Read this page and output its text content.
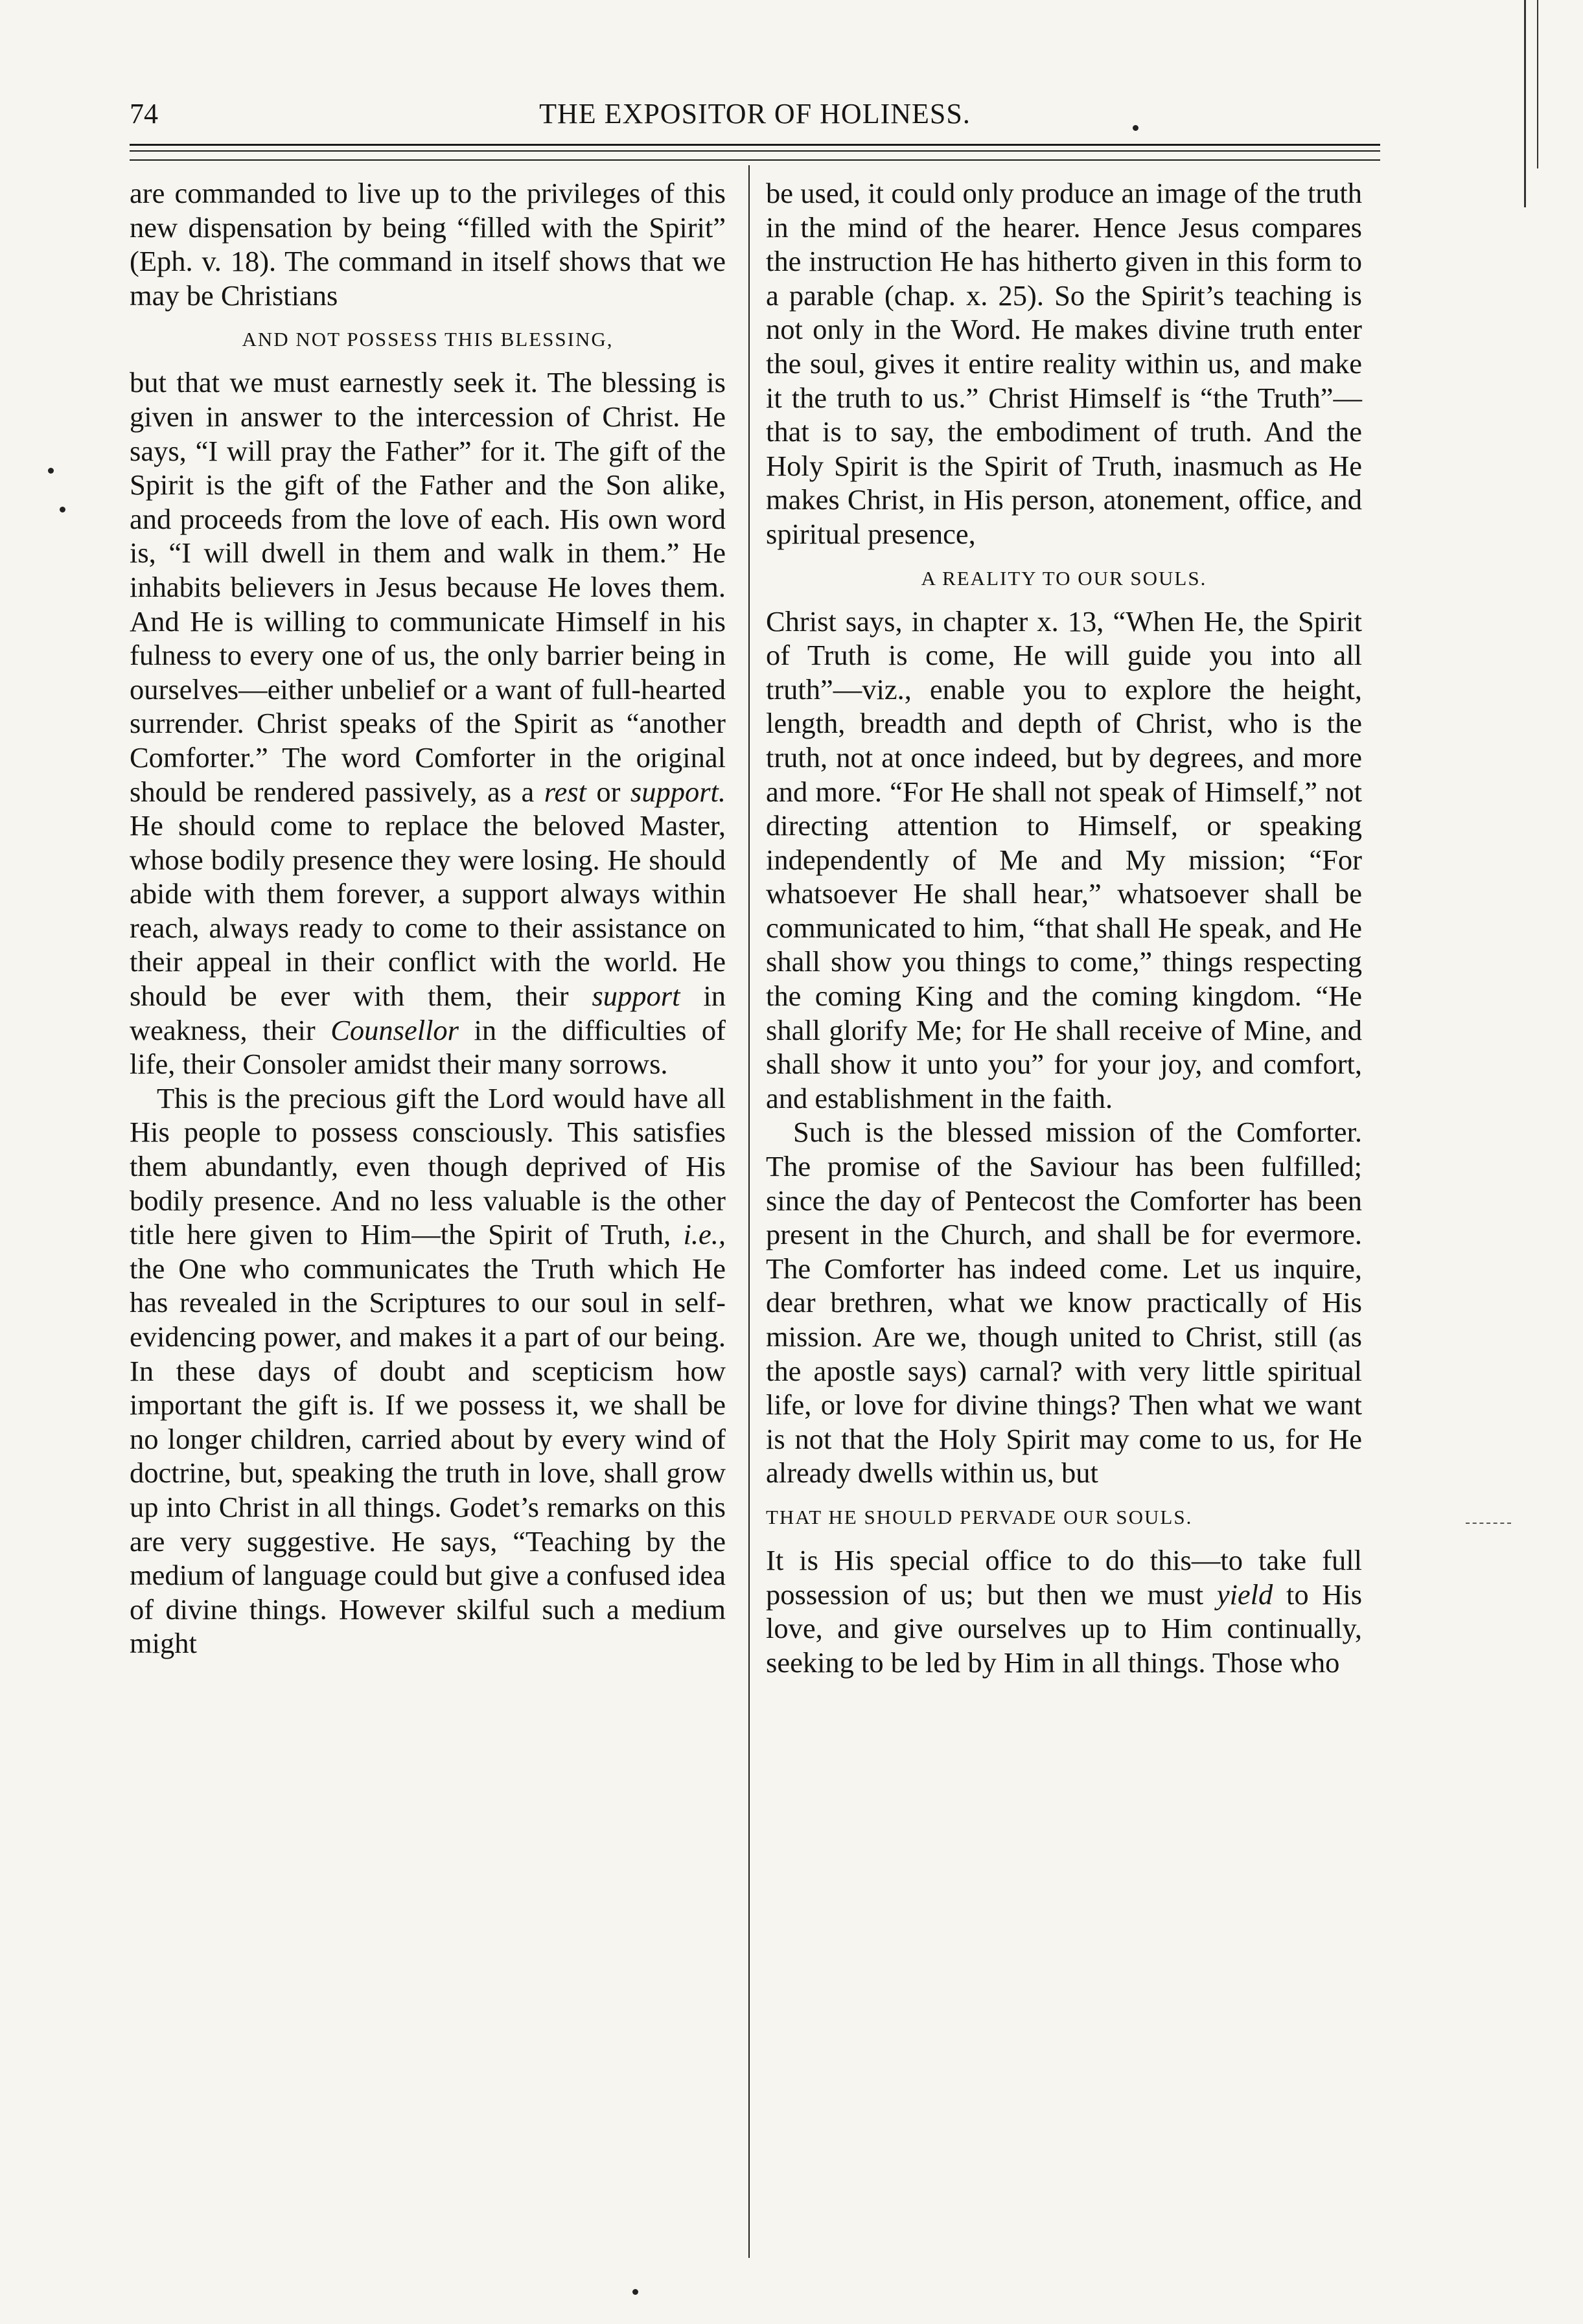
74	THE EXPOSITOR OF HOLINESS.

are commanded to live up to the privileges of this new dispensation by being “filled with the Spirit” (Eph. v. 18). The command in itself shows that we may be Christians

AND NOT POSSESS THIS BLESSING,

but that we must earnestly seek it. The blessing is given in answer to the intercession of Christ. He says, “I will pray the Father” for it. The gift of the Spirit is the gift of the Father and the Son alike, and proceeds from the love of each. His own word is, “I will dwell in them and walk in them.” He inhabits believers in Jesus because He loves them. And He is willing to communicate Himself in his fulness to every one of us, the only barrier being in ourselves—either unbelief or a want of full-hearted surrender. Christ speaks of the Spirit as “another Comforter.” The word Comforter in the original should be rendered passively, as a rest or support. He should come to replace the beloved Master, whose bodily presence they were losing. He should abide with them forever, a support always within reach, always ready to come to their assistance on their appeal in their conflict with the world. He should be ever with them, their support in weakness, their Counsellor in the difficulties of life, their Consoler amidst their many sorrows.

This is the precious gift the Lord would have all His people to possess consciously. This satisfies them abundantly, even though deprived of His bodily presence. And no less valuable is the other title here given to Him—the Spirit of Truth, i.e., the One who communicates the Truth which He has revealed in the Scriptures to our soul in self-evidencing power, and makes it a part of our being. In these days of doubt and scepticism how important the gift is. If we possess it, we shall be no longer children, carried about by every wind of doctrine, but, speaking the truth in love, shall grow up into Christ in all things. Godet’s remarks on this are very suggestive. He says, “Teaching by the medium of language could but give a confused idea of divine things. However skilful such a medium might

be used, it could only produce an image of the truth in the mind of the hearer. Hence Jesus compares the instruction He has hitherto given in this form to a parable (chap. x. 25). So the Spirit’s teaching is not only in the Word. He makes divine truth enter the soul, gives it entire reality within us, and make it the truth to us.” Christ Himself is “the Truth”—that is to say, the embodiment of truth. And the Holy Spirit is the Spirit of Truth, inasmuch as He makes Christ, in His person, atonement, office, and spiritual presence,

A REALITY TO OUR SOULS.

Christ says, in chapter x. 13, “When He, the Spirit of Truth is come, He will guide you into all truth”—viz., enable you to explore the height, length, breadth and depth of Christ, who is the truth, not at once indeed, but by degrees, and more and more. “For He shall not speak of Himself,” not directing attention to Himself, or speaking independently of Me and My mission; “For whatsoever He shall hear,” whatsoever shall be communicated to him, “that shall He speak, and He shall show you things to come,” things respecting the coming King and the coming kingdom. “He shall glorify Me; for He shall receive of Mine, and shall show it unto you” for your joy, and comfort, and establishment in the faith.

Such is the blessed mission of the Comforter. The promise of the Saviour has been fulfilled; since the day of Pentecost the Comforter has been present in the Church, and shall be for evermore. The Comforter has indeed come. Let us inquire, dear brethren, what we know practically of His mission. Are we, though united to Christ, still (as the apostle says) carnal? with very little spiritual life, or love for divine things? Then what we want is not that the Holy Spirit may come to us, for He already dwells within us, but

THAT HE SHOULD PERVADE OUR SOULS.

It is His special office to do this—to take full possession of us; but then we must yield to His love, and give ourselves up to Him continually, seeking to be led by Him in all things. Those who
